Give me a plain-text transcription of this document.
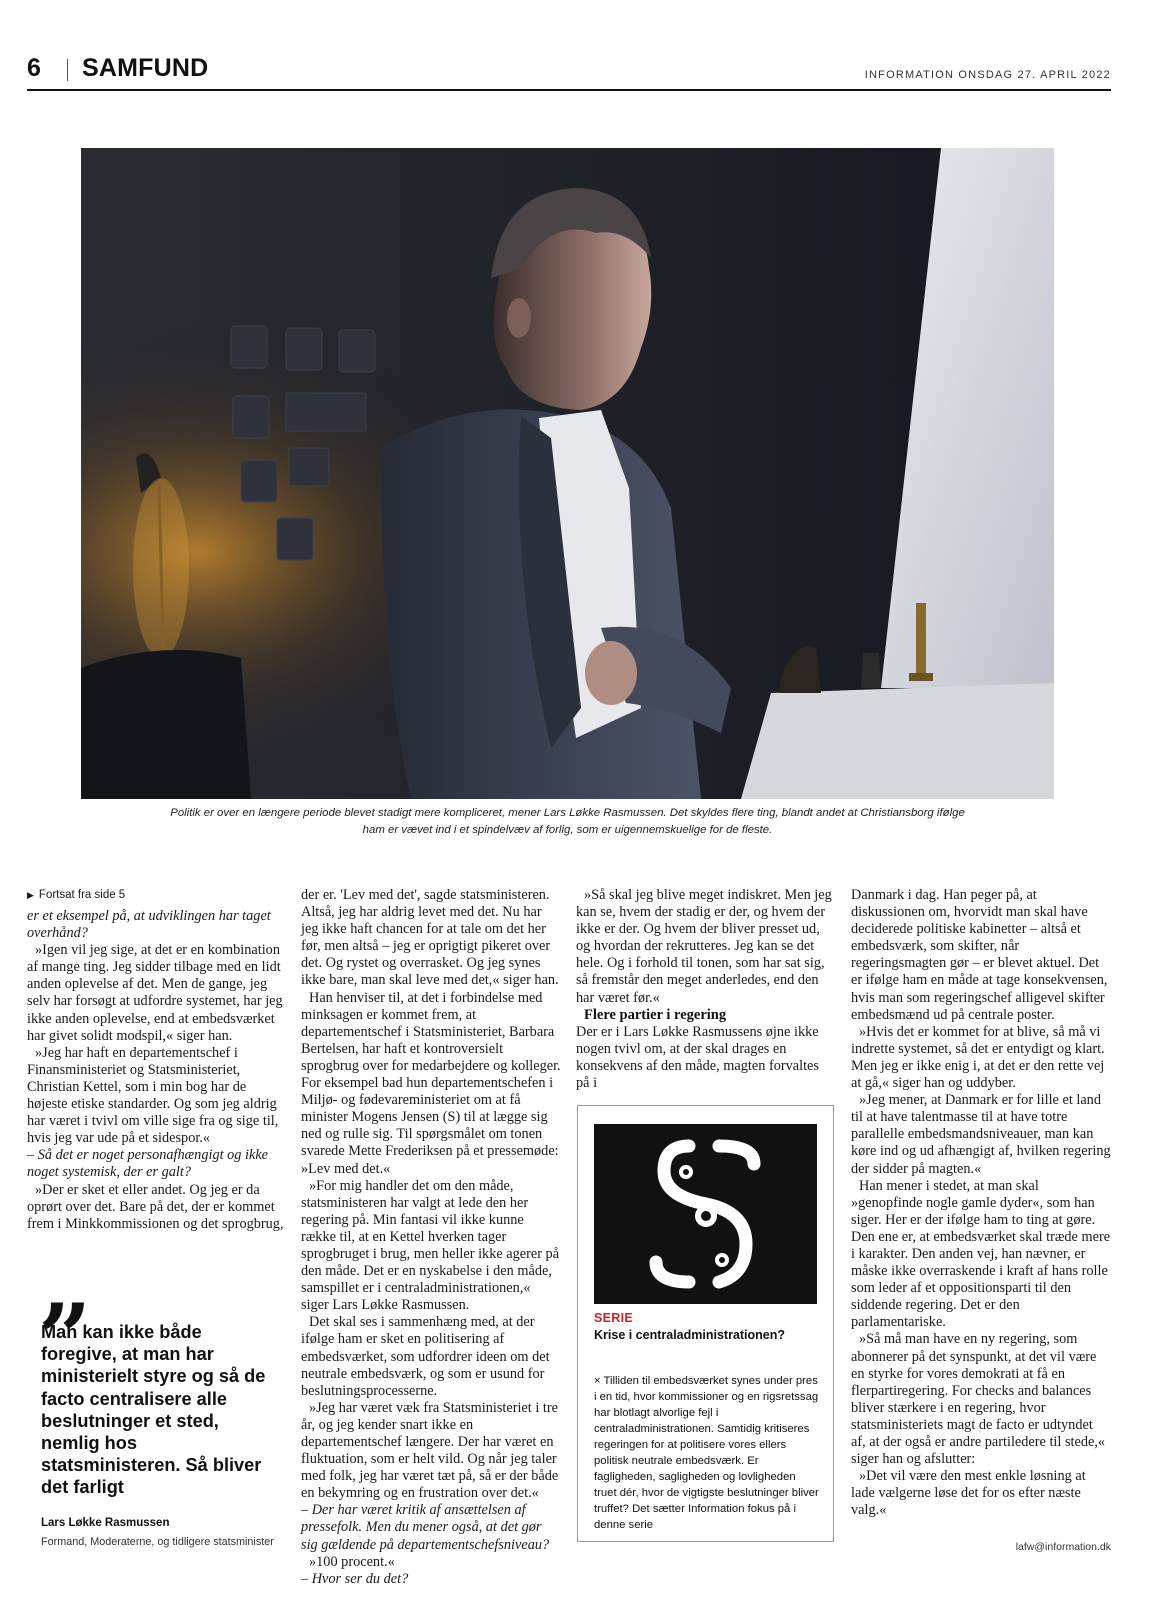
6 SAMFUND	INFORMATION ONSDAG 27. APRIL 2022
Politik er over en længere periode blevet stadigt mere kompliceret, mener Lars Løkke Rasmussen. Det skyldes flere ting, blandt andet at Christiansborg ifølge
ham er vævet ind i et spindelvæv af forlig, som er uigennemskuelige for de fleste.

▶ Fortsat fra side 5

er et eksempel på, at udviklingen har taget overhånd?

»Igen vil jeg sige, at det er en kombination af mange ting. Jeg sidder tilbage med en lidt anden oplevelse af det. Men de gange, jeg selv har forsøgt at udfordre systemet, har jeg ikke anden oplevelse, end at embedsværket har givet solidt modspil,« siger han.

»Jeg har haft en departementschef i Finansministeriet og Statsministeriet, Christian Kettel, som i min bog har de højeste etiske standarder. Og som jeg aldrig har været i tvivl om ville sige fra og sige til, hvis jeg var ude på et sidespor.«

– Så det er noget personafhængigt og ikke noget systemisk, der er galt?

»Der er sket et eller andet. Og jeg er da oprørt over det. Bare på det, der er kommet frem i Minkkommissionen og det sprogbrug,

„
Man kan ikke både foregive, at man har ministerielt styre og så de facto centralisere alle beslutninger et sted, nemlig hos statsministeren. Så bliver det farligt
Lars Løkke Rasmussen
Formand, Moderaterne, og tidligere statsminister

der er. 'Lev med det', sagde statsministeren. Altså, jeg har aldrig levet med det. Nu har jeg ikke haft chancen for at tale om det her før, men altså – jeg er oprigtigt pikeret over det. Og rystet og overrasket. Og jeg synes ikke bare, man skal leve med det,« siger han.

Han henviser til, at det i forbindelse med minksagen er kommet frem, at departementschef i Statsministeriet, Barbara Bertelsen, har haft et kontroversielt sprogbrug over for medarbejdere og kolleger. For eksempel bad hun departementschefen i Miljø- og fødevareministeriet om at få minister Mogens Jensen (S) til at lægge sig ned og rulle sig. Til spørgsmålet om tonen svarede Mette Frederiksen på et pressemøde: »Lev med det.«

»For mig handler det om den måde, statsministeren har valgt at lede den her regering på. Min fantasi vil ikke kunne række til, at en Kettel hverken tager sprogbruget i brug, men heller ikke agerer på den måde. Det er en nyskabelse i den måde, samspillet er i centraladministrationen,« siger Lars Løkke Rasmussen.

Det skal ses i sammenhæng med, at der ifølge ham er sket en politisering af embedsværket, som udfordrer ideen om det neutrale embedsværk, og som er usund for beslutningsprocesserne.

»Jeg har været væk fra Statsministeriet i tre år, og jeg kender snart ikke en departementschef længere. Der har været en fluktuation, som er helt vild. Og når jeg taler med folk, jeg har været tæt på, så er der både en bekymring og en frustration over det.«

– Der har været kritik af ansættelsen af pressefolk. Men du mener også, at det gør sig gældende på departementschefsniveau?

»100 procent.«

– Hvor ser du det?

»Så skal jeg blive meget indiskret. Men jeg kan se, hvem der stadig er der, og hvem der ikke er der. Og hvem der bliver presset ud, og hvordan der rekrutteres. Jeg kan se det hele. Og i forhold til tonen, som har sat sig, så fremstår den meget anderledes, end den har været før.«

Flere partier i regering

Der er i Lars Løkke Rasmussens øjne ikke nogen tvivl om, at der skal drages en konsekvens af den måde, magten forvaltes på i

SERIE
Krise i centraladministrationen?
× Tilliden til embedsværket synes under pres i en tid, hvor kommissioner og en rigsretssag har blotlagt alvorlige fejl i centraladministrationen. Samtidig kritiseres regeringen for at politisere vores ellers politisk neutrale embedsværk. Er fagligheden, sagligheden og lovligheden truet dér, hvor de vigtigste beslutninger bliver truffet? Det sætter Information fokus på i denne serie

Danmark i dag. Han peger på, at diskussionen om, hvorvidt man skal have deciderede politiske kabinetter – altså et embedsværk, som skifter, når regeringsmagten gør – er blevet aktuel. Det er ifølge ham en måde at tage konsekvensen, hvis man som regeringschef alligevel skifter embedsmænd ud på centrale poster.

»Hvis det er kommet for at blive, så må vi indrette systemet, så det er entydigt og klart. Men jeg er ikke enig i, at det er den rette vej at gå,« siger han og uddyber.

»Jeg mener, at Danmark er for lille et land til at have talentmasse til at have totre parallelle embedsmandsniveauer, man kan køre ind og ud afhængigt af, hvilken regering der sidder på magten.«

Han mener i stedet, at man skal »genopfinde nogle gamle dyder«, som han siger. Her er der ifølge ham to ting at gøre. Den ene er, at embedsværket skal træde mere i karakter. Den anden vej, han nævner, er måske ikke overraskende i kraft af hans rolle som leder af et oppositionsparti til den siddende regering. Det er den parlamentariske.

»Så må man have en ny regering, som abonnerer på det synspunkt, at det vil være en styrke for vores demokrati at få en flerpartiregering. For checks and balances bliver stærkere i en regering, hvor statsministeriets magt de facto er udtyndet af, at der også er andre partiledere til stede,« siger han og afslutter:

»Det vil være den mest enkle løsning at lade vælgerne løse det for os efter næste valg.«

lafw@information.dk
